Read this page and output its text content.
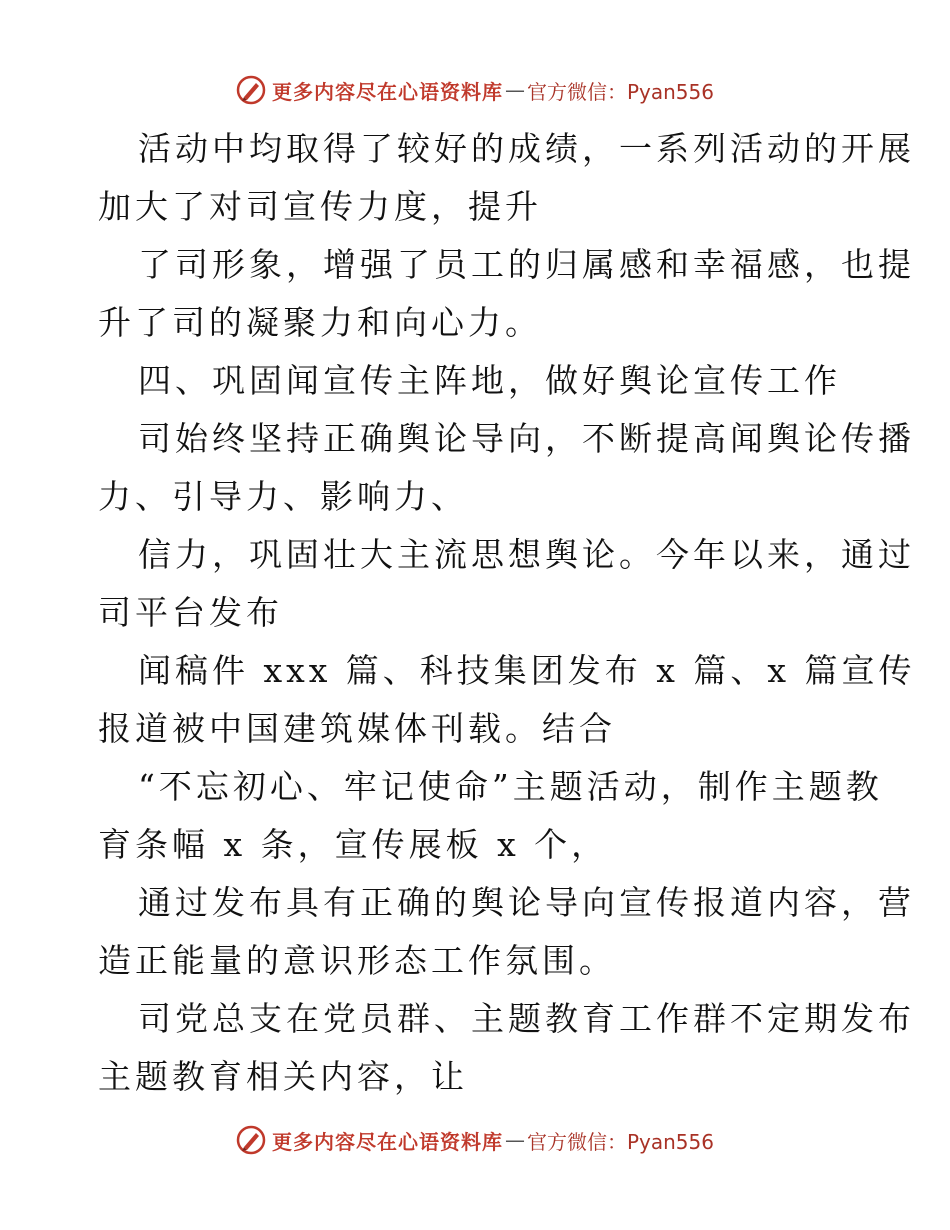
更多内容尽在心语资料库 — 官方微信：Pyan556
活动中均取得了较好的成绩，一系列活动的开展
加大了对司宣传力度，提升
了司形象，增强了员工的归属感和幸福感，也提
升了司的凝聚力和向心力。
四、巩固闻宣传主阵地，做好舆论宣传工作
司始终坚持正确舆论导向，不断提高闻舆论传播
力、引导力、影响力、
信力，巩固壮大主流思想舆论。今年以来，通过
司平台发布
闻稿件 xxx 篇、科技集团发布 x 篇、x 篇宣传
报道被中国建筑媒体刊载。结合
“不忘初心、牢记使命”主题活动，制作主题教
育条幅 x 条，宣传展板 x 个，
通过发布具有正确的舆论导向宣传报道内容，营
造正能量的意识形态工作氛围。
司党总支在党员群、主题教育工作群不定期发布
主题教育相关内容，让
更多内容尽在心语资料库 — 官方微信：Pyan556
